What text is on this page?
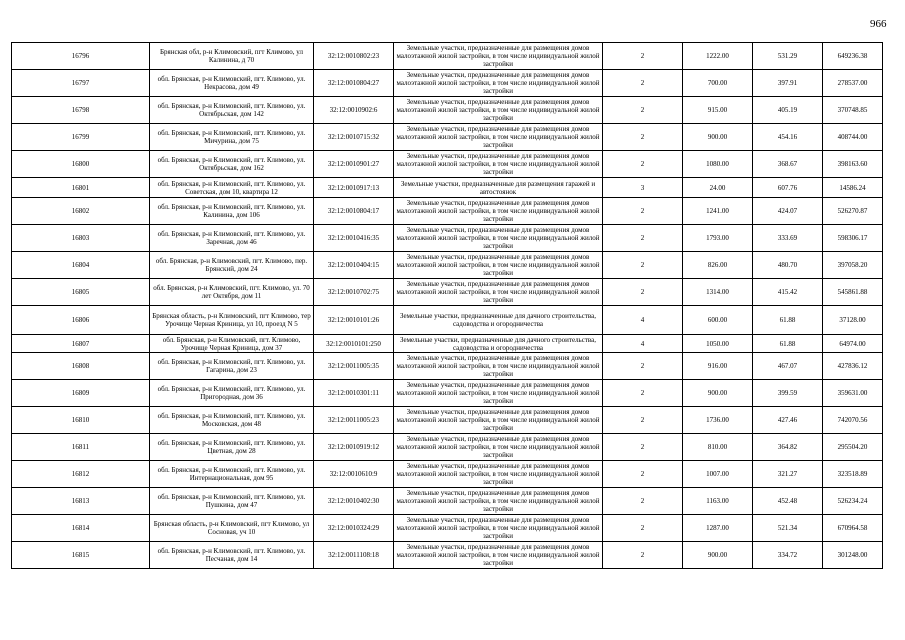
966
16796	Брянская обл, р-н Климовский, пгт Климово, ул Калинина, д 70	32:12:0010802:23	Земельные участки, предназначенные для размещения домов малоэтажной жилой застройки, в том числе индивидуальной жилой застройки	2	1222.00	531.29	649236.38
16797	обл. Брянская, р-н Климовский, пгт. Климово, ул. Некрасова, дом 49	32:12:0010804:27	Земельные участки, предназначенные для размещения домов малоэтажной жилой застройки, в том числе индивидуальной жилой застройки	2	700.00	397.91	278537.00
16798	обл. Брянская, р-н Климовский, пгт. Климово, ул. Октябрьская, дом 142	32:12:0010902:6	Земельные участки, предназначенные для размещения домов малоэтажной жилой застройки, в том числе индивидуальной жилой застройки	2	915.00	405.19	370748.85
16799	обл. Брянская, р-н Климовский, пгт. Климово, ул. Мичурина, дом 75	32:12:0010715:32	Земельные участки, предназначенные для размещения домов малоэтажной жилой застройки, в том числе индивидуальной жилой застройки	2	900.00	454.16	408744.00
16800	обл. Брянская, р-н Климовский, пгт. Климово, ул. Октябрьская, дом 162	32:12:0010901:27	Земельные участки, предназначенные для размещения домов малоэтажной жилой застройки, в том числе индивидуальной жилой застройки	2	1080.00	368.67	398163.60
16801	обл. Брянская, р-н Климовский, пгт. Климово, ул. Советская, дом 10, квартира 12	32:12:0010917:13	Земельные участки, предназначенные для размещения гаражей и автостоянок	3	24.00	607.76	14586.24
16802	обл. Брянская, р-н Климовский, пгт. Климово, ул. Калинина, дом 106	32:12:0010804:17	Земельные участки, предназначенные для размещения домов малоэтажной жилой застройки, в том числе индивидуальной жилой застройки	2	1241.00	424.07	526270.87
16803	обл. Брянская, р-н Климовский, пгт. Климово, ул. Заречная, дом 46	32:12:0010416:35	Земельные участки, предназначенные для размещения домов малоэтажной жилой застройки, в том числе индивидуальной жилой застройки	2	1793.00	333.69	598306.17
16804	обл. Брянская, р-н Климовский, пгт. Климово, пер. Брянский, дом 24	32:12:0010404:15	Земельные участки, предназначенные для размещения домов малоэтажной жилой застройки, в том числе индивидуальной жилой застройки	2	826.00	480.70	397058.20
16805	обл. Брянская, р-н Климовский, пгт. Климово, ул. 70 лет Октября, дом 11	32:12:0010702:75	Земельные участки, предназначенные для размещения домов малоэтажной жилой застройки, в том числе индивидуальной жилой застройки	2	1314.00	415.42	545861.88
16806	Брянская область, р-н Климовский, пгт Климово, тер Урочище Черная Криница, ул 10, проезд N 5	32:12:0010101:26	Земельные участки, предназначенные для дачного строительства, садоводства и огородничества	4	600.00	61.88	37128.00
16807	обл. Брянская, р-н Климовский, пгт. Климово, Урочище Черная Криница, дом 37	32:12:0010101:250	Земельные участки, предназначенные для дачного строительства, садоводства и огородничества	4	1050.00	61.88	64974.00
16808	обл. Брянская, р-н Климовский, пгт. Климово, ул. Гагарина, дом 23	32:12:0011005:35	Земельные участки, предназначенные для размещения домов малоэтажной жилой застройки, в том числе индивидуальной жилой застройки	2	916.00	467.07	427836.12
16809	обл. Брянская, р-н Климовский, пгт. Климово, ул. Пригородная, дом 36	32:12:0010301:11	Земельные участки, предназначенные для размещения домов малоэтажной жилой застройки, в том числе индивидуальной жилой застройки	2	900.00	399.59	359631.00
16810	обл. Брянская, р-н Климовский, пгт. Климово, ул. Московская, дом 48	32:12:0011005:23	Земельные участки, предназначенные для размещения домов малоэтажной жилой застройки, в том числе индивидуальной жилой застройки	2	1736.00	427.46	742070.56
16811	обл. Брянская, р-н Климовский, пгт. Климово, ул. Цветная, дом 28	32:12:0010919:12	Земельные участки, предназначенные для размещения домов малоэтажной жилой застройки, в том числе индивидуальной жилой застройки	2	810.00	364.82	295504.20
16812	обл. Брянская, р-н Климовский, пгт. Климово, ул. Интернациональная, дом 95	32:12:0010610:9	Земельные участки, предназначенные для размещения домов малоэтажной жилой застройки, в том числе индивидуальной жилой застройки	2	1007.00	321.27	323518.89
16813	обл. Брянская, р-н Климовский, пгт. Климово, ул. Пушкина, дом 47	32:12:0010402:30	Земельные участки, предназначенные для размещения домов малоэтажной жилой застройки, в том числе индивидуальной жилой застройки	2	1163.00	452.48	526234.24
16814	Брянская область, р-н Климовский, пгт Климово, ул Сосновая, уч 10	32:12:0010324:29	Земельные участки, предназначенные для размещения домов малоэтажной жилой застройки, в том числе индивидуальной жилой застройки	2	1287.00	521.34	670964.58
16815	обл. Брянская, р-н Климовский, пгт. Климово, ул. Песчаная, дом 14	32:12:0011108:18	Земельные участки, предназначенные для размещения домов малоэтажной жилой застройки, в том числе индивидуальной жилой застройки	2	900.00	334.72	301248.00
